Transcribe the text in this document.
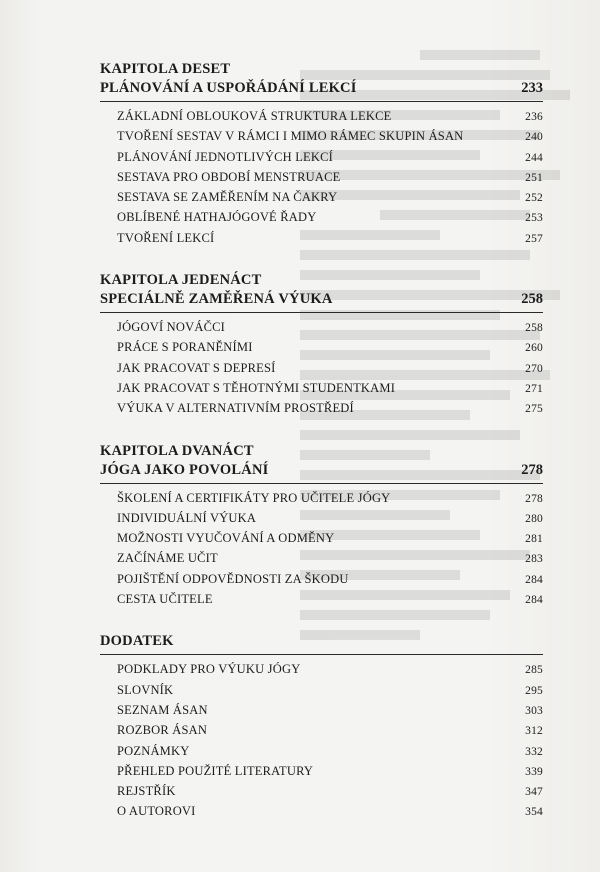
KAPITOLA DESET
PLÁNOVÁNÍ A USPOŘÁDÁNÍ LEKCÍ	233
ZÁKLADNÍ OBLOUKOVÁ STRUKTURA LEKCE	236
TVOŘENÍ SESTAV V RÁMCI I MIMO RÁMEC SKUPIN ÁSAN	240
PLÁNOVÁNÍ JEDNOTLIVÝCH LEKCÍ	244
SESTAVA PRO OBDOBÍ MENSTRUACE	251
SESTAVA SE ZAMĚŘENÍM NA ČAKRY	252
OBLÍBENÉ HATHAJÓGOVÉ ŘADY	253
TVOŘENÍ LEKCÍ	257
KAPITOLA JEDENÁCT
SPECIÁLNĚ ZAMĚŘENÁ VÝUKA	258
JÓGOVÍ NOVÁČCI	258
PRÁCE S PORANĚNÍMI	260
JAK PRACOVAT S DEPRESÍ	270
JAK PRACOVAT S TĚHOTNÝMI STUDENTKAMI	271
VÝUKA V ALTERNATIVNÍM PROSTŘEDÍ	275
KAPITOLA DVANÁCT
JÓGA JAKO POVOLÁNÍ	278
ŠKOLENÍ A CERTIFIKÁTY PRO UČITELE JÓGY	278
INDIVIDUÁLNÍ VÝUKA	280
MOŽNOSTI VYUČOVÁNÍ A ODMĚNY	281
ZAČÍNÁME UČIT	283
POJIŠTĚNÍ ODPOVĚDNOSTI ZA ŠKODU	284
CESTA UČITELE	284
DODATEK
PODKLADY PRO VÝUKU JÓGY	285
SLOVNÍK	295
SEZNAM ÁSAN	303
ROZBOR ÁSAN	312
POZNÁMKY	332
PŘEHLED POUŽITÉ LITERATURY	339
REJSTŘÍK	347
O AUTOROVI	354
